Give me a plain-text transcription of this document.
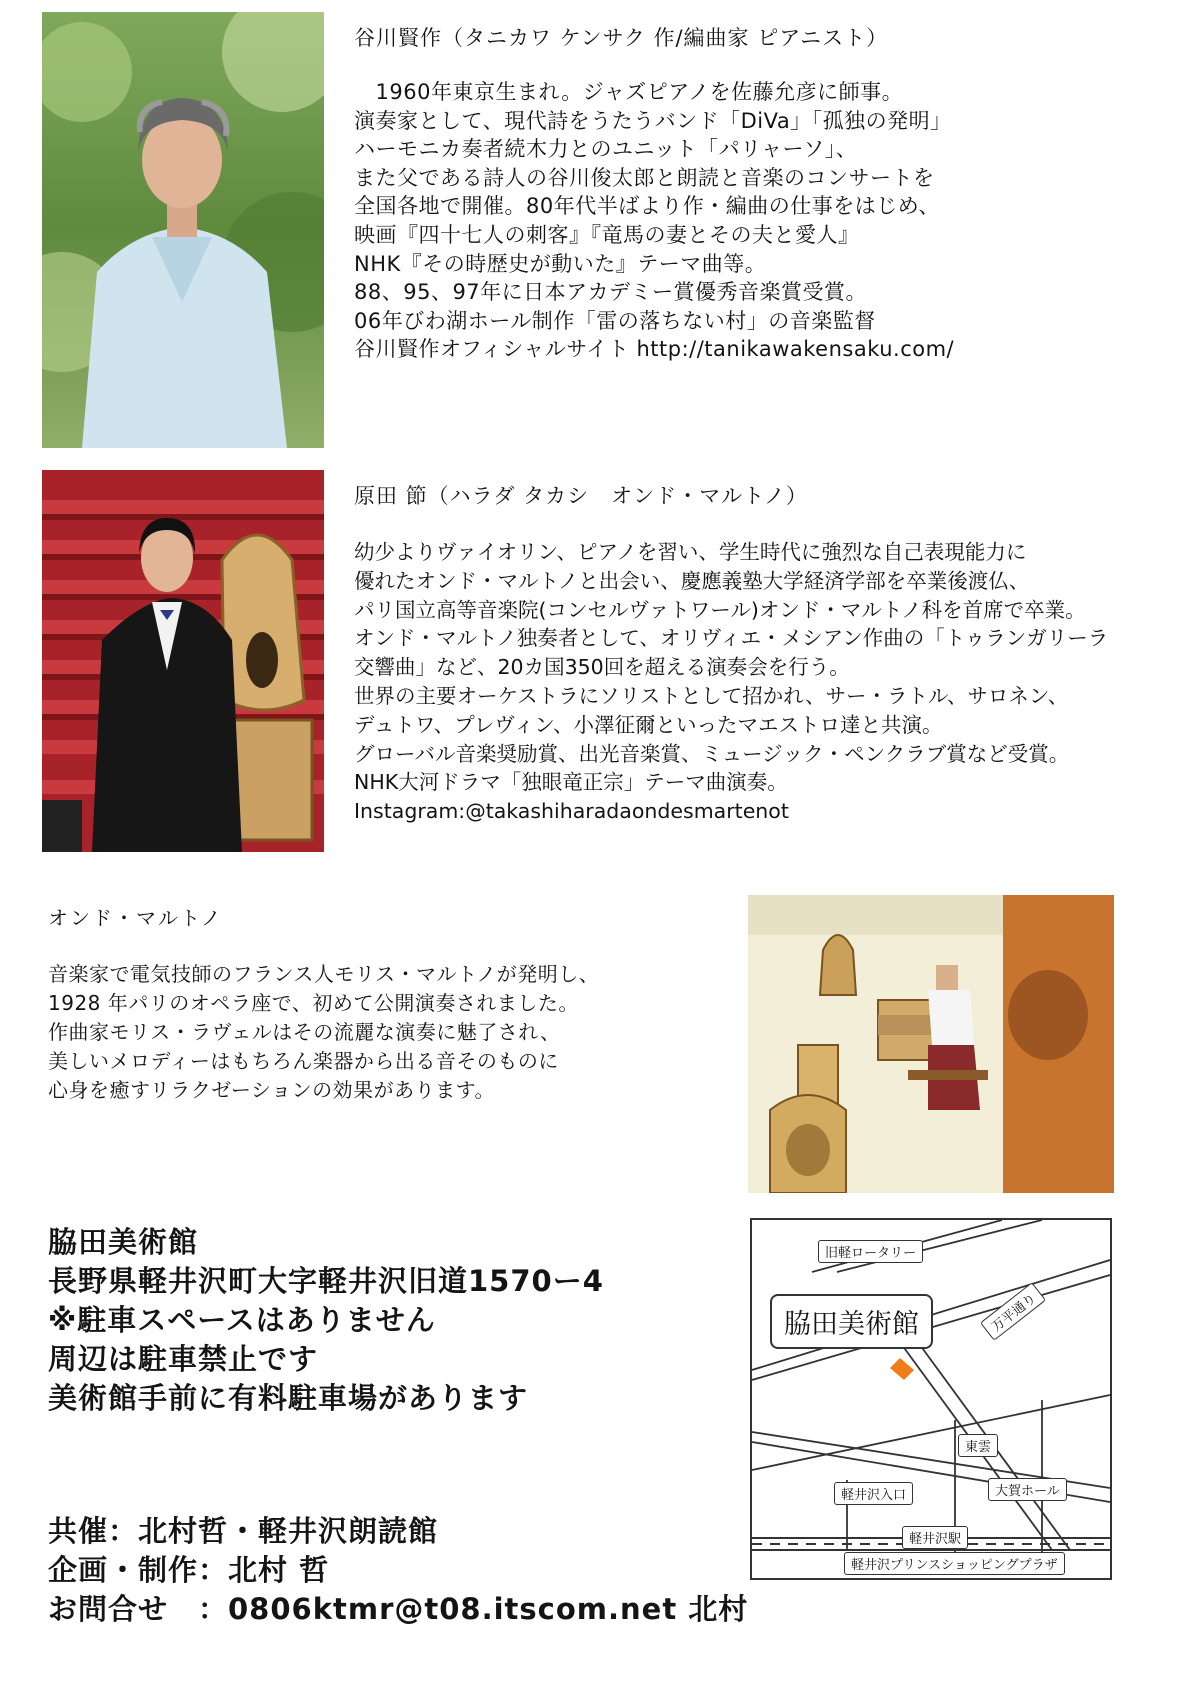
谷川賢作（タニカワ ケンサク 作/編曲家 ピアニスト）
　1960年東京生まれ。ジャズピアノを佐藤允彦に師事。
演奏家として、現代詩をうたうバンド「DiVa」「孤独の発明」
ハーモニカ奏者続木力とのユニット「パリャーソ」、
また父である詩人の谷川俊太郎と朗読と音楽のコンサートを
全国各地で開催。80年代半ばより作・編曲の仕事をはじめ、
映画『四十七人の刺客』『竜馬の妻とその夫と愛人』
NHK『その時歴史が動いた』テーマ曲等。
88、95、97年に日本アカデミー賞優秀音楽賞受賞。
06年びわ湖ホール制作「雷の落ちない村」の音楽監督
谷川賢作オフィシャルサイト http://tanikawakensaku.com/
原田 節（ハラダ タカシ　オンド・マルトノ）
幼少よりヴァイオリン、ピアノを習い、学生時代に強烈な自己表現能力に
優れたオンド・マルトノと出会い、慶應義塾大学経済学部を卒業後渡仏、
パリ国立高等音楽院(コンセルヴァトワール)オンド・マルトノ科を首席で卒業。
オンド・マルトノ独奏者として、オリヴィエ・メシアン作曲の「トゥランガリーラ
交響曲」など、20カ国350回を超える演奏会を行う。
世界の主要オーケストラにソリストとして招かれ、サー・ラトル、サロネン、
デュトワ、プレヴィン、小澤征爾といったマエストロ達と共演。
グローバル音楽奨励賞、出光音楽賞、ミュージック・ペンクラブ賞など受賞。
NHK大河ドラマ「独眼竜正宗」テーマ曲演奏。
Instagram:@takashiharadaondesmartenot
オンド・マルトノ
音楽家で電気技師のフランス人モリス・マルトノが発明し、
1928 年パリのオペラ座で、初めて公開演奏されました。
作曲家モリス・ラヴェルはその流麗な演奏に魅了され、
美しいメロディーはもちろん楽器から出る音そのものに
心身を癒すリラクゼーションの効果があります。
脇田美術館
長野県軽井沢町大字軽井沢旧道1570ー4
※駐車スペースはありません
周辺は駐車禁止です
美術館手前に有料駐車場があります
共催：北村哲・軽井沢朗読館
企画・制作：北村 哲
お問合せ ：0806ktmr@t08.itscom.net 北村
旧軽ロータリー
脇田美術館	万平通り
東雲
軽井沢入口	大賀ホール
軽井沢駅
軽井沢プリンスショッピングプラザ
